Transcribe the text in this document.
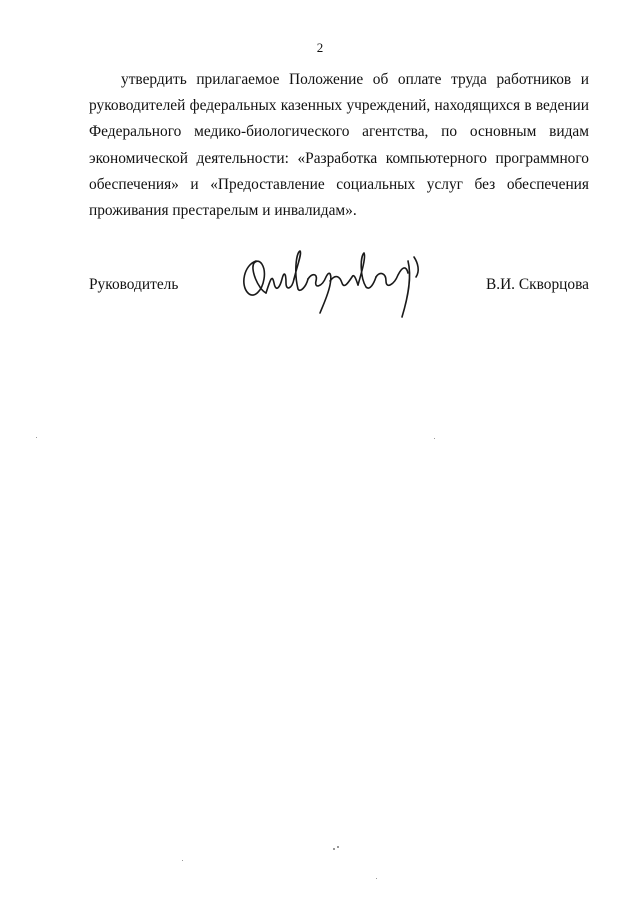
2

утвердить прилагаемое Положение об оплате труда работников и руководителей федеральных казенных учреждений, находящихся в ведении Федерального медико-биологического агентства, по основным видам экономической деятельности: «Разработка компьютерного программного обеспечения» и «Предоставление социальных услуг без обеспечения проживания престарелым и инвалидам».

Руководитель	В.И. Скворцова
